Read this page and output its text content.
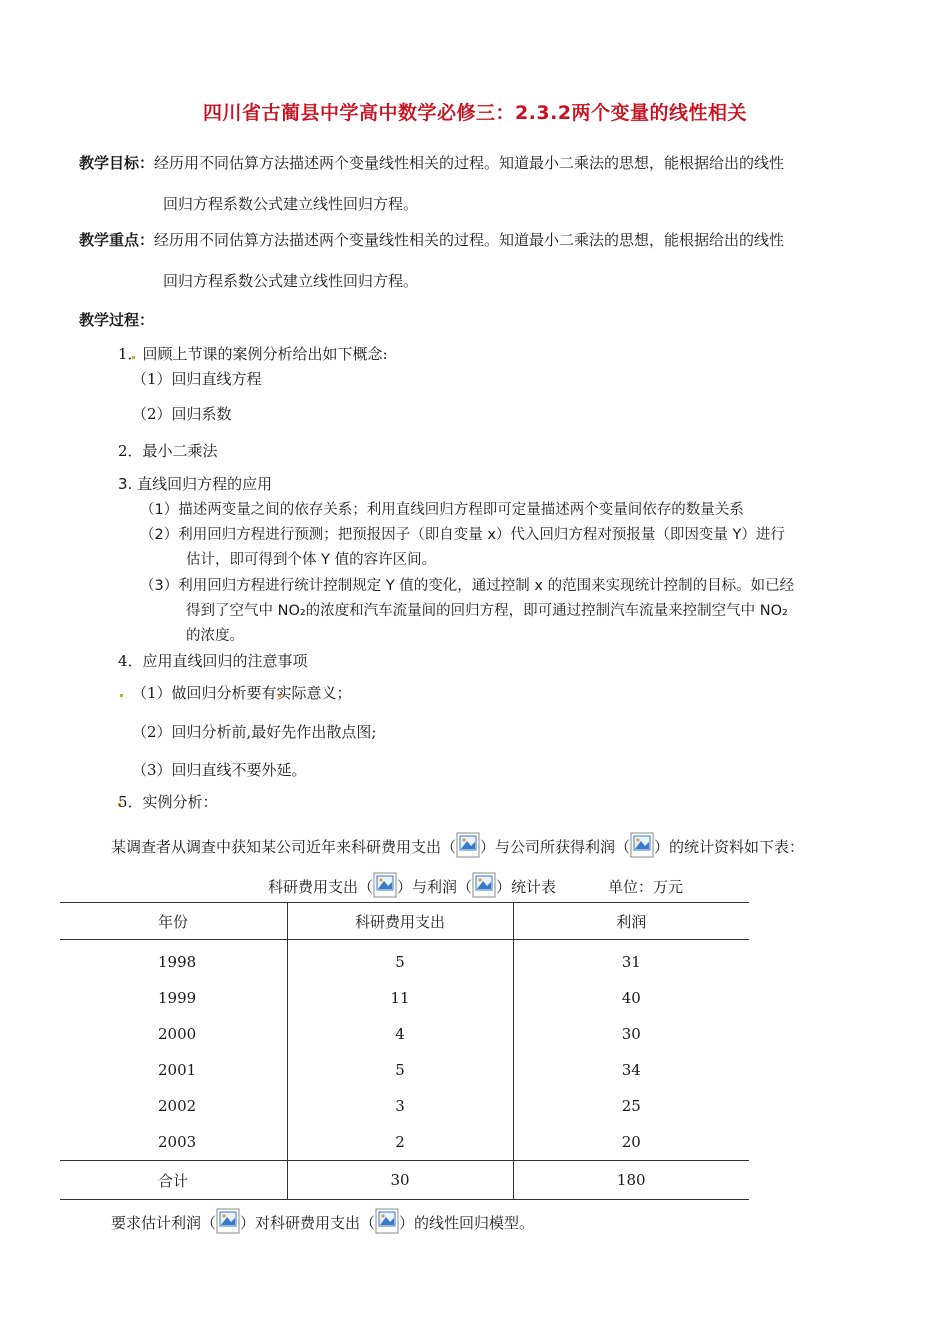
四川省古蔺县中学高中数学必修三：2.3.2两个变量的线性相关
教学目标：经历用不同估算方法描述两个变量线性相关的过程。知道最小二乘法的思想，能根据给出的线性
回归方程系数公式建立线性回归方程。
教学重点：经历用不同估算方法描述两个变量线性相关的过程。知道最小二乘法的思想，能根据给出的线性
回归方程系数公式建立线性回归方程。
教学过程：
1．回顾上节课的案例分析给出如下概念:
（1）回归直线方程
（2）回归系数
2．最小二乘法
3. 直线回归方程的应用
（1）描述两变量之间的依存关系；利用直线回归方程即可定量描述两个变量间依存的数量关系
（2）利用回归方程进行预测；把预报因子（即自变量 x）代入回归方程对预报量（即因变量 Y）进行
估计，即可得到个体 Y 值的容许区间。
（3）利用回归方程进行统计控制规定 Y 值的变化，通过控制 x 的范围来实现统计控制的目标。如已经
得到了空气中 NO₂的浓度和汽车流量间的回归方程，即可通过控制汽车流量来控制空气中 NO₂
的浓度。
4．应用直线回归的注意事项
（1）做回归分析要有实际意义；
（2）回归分析前,最好先作出散点图;
（3）回归直线不要外延。
5．实例分析：
某调查者从调查中获知某公司近年来科研费用支出（ ）与公司所获得利润（ ）的统计资料如下表：
科研费用支出（ ）与利润（ ）统计表	单位：万元
年份	科研费用支出	利润
1998	5	31
1999	11	40
2000	4	30
2001	5	34
2002	3	25
2003	2	20
合计	30	180
要求估计利润（ ）对科研费用支出（ ）的线性回归模型。
